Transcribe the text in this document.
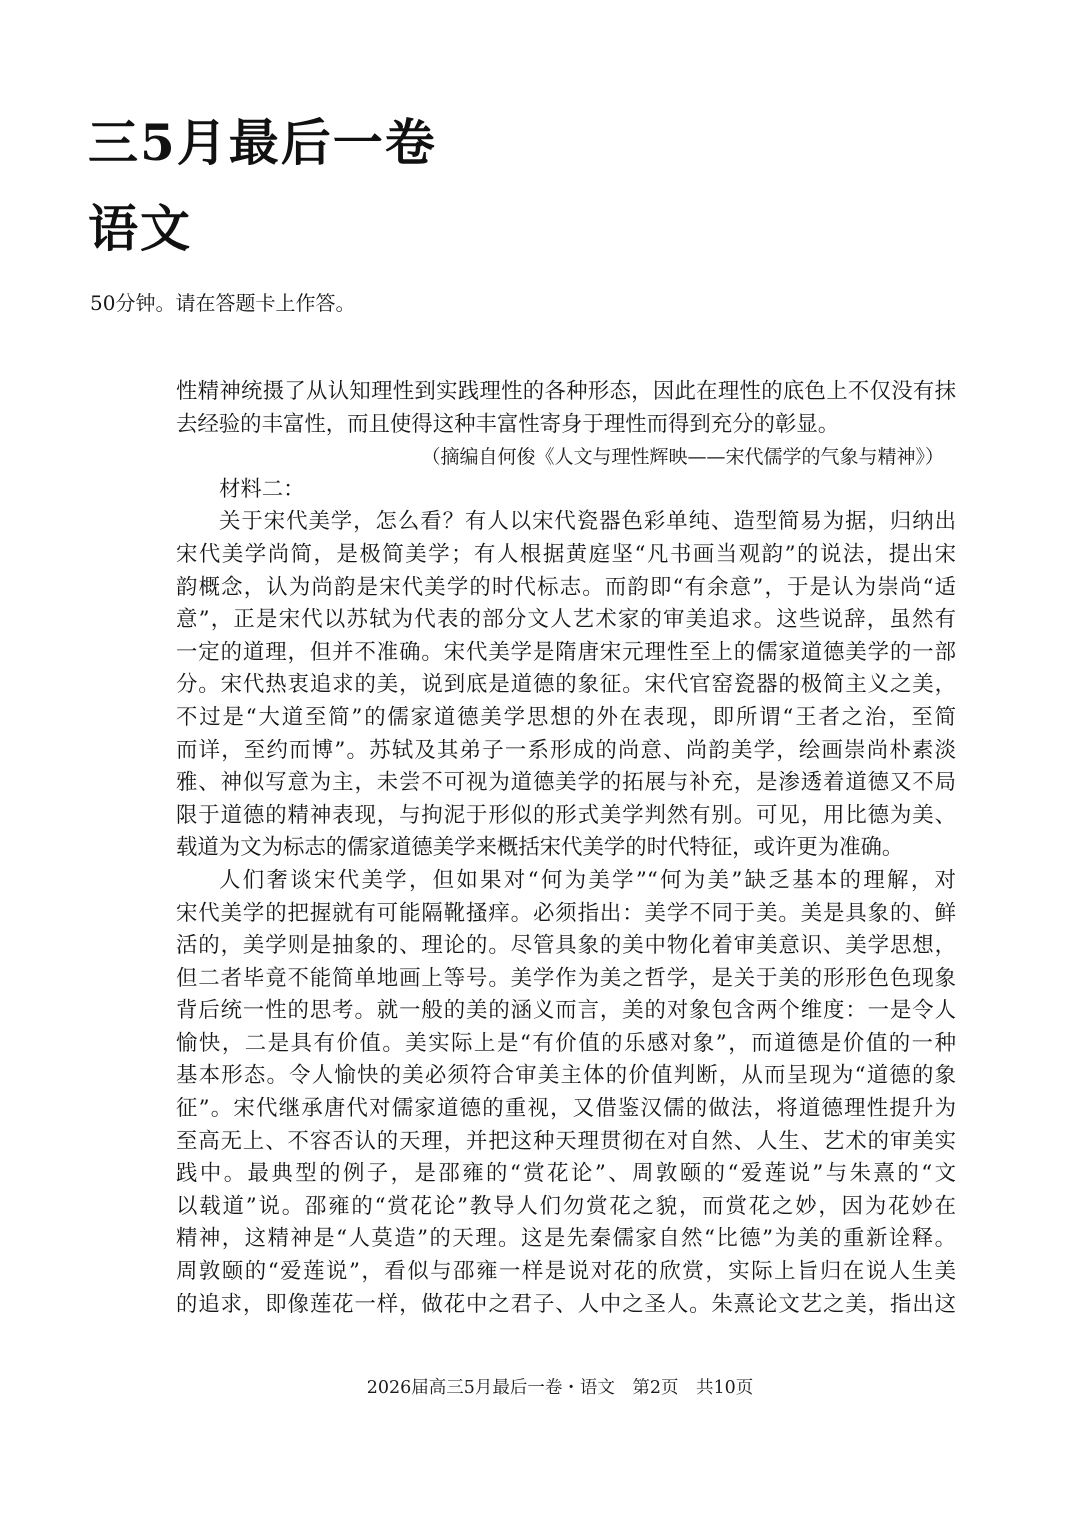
三5月最后一卷
语文
50分钟。请在答题卡上作答。
性精神统摄了从认知理性到实践理性的各种形态，因此在理性的底色上不仅没有抹
去经验的丰富性，而且使得这种丰富性寄身于理性而得到充分的彰显。
（摘编自何俊《人文与理性辉映——宋代儒学的气象与精神》）
材料二：
关于宋代美学，怎么看？有人以宋代瓷器色彩单纯、造型简易为据，归纳出
宋代美学尚简，是极简美学；有人根据黄庭坚“凡书画当观韵”的说法，提出宋
韵概念，认为尚韵是宋代美学的时代标志。而韵即“有余意”，于是认为崇尚“适
意”，正是宋代以苏轼为代表的部分文人艺术家的审美追求。这些说辞，虽然有
一定的道理，但并不准确。宋代美学是隋唐宋元理性至上的儒家道德美学的一部
分。宋代热衷追求的美，说到底是道德的象征。宋代官窑瓷器的极简主义之美，
不过是“大道至简”的儒家道德美学思想的外在表现，即所谓“王者之治，至简
而详，至约而博”。苏轼及其弟子一系形成的尚意、尚韵美学，绘画崇尚朴素淡
雅、神似写意为主，未尝不可视为道德美学的拓展与补充，是渗透着道德又不局
限于道德的精神表现，与拘泥于形似的形式美学判然有别。可见，用比德为美、
载道为文为标志的儒家道德美学来概括宋代美学的时代特征，或许更为准确。
人们奢谈宋代美学，但如果对“何为美学”“何为美”缺乏基本的理解，对
宋代美学的把握就有可能隔靴搔痒。必须指出：美学不同于美。美是具象的、鲜
活的，美学则是抽象的、理论的。尽管具象的美中物化着审美意识、美学思想，
但二者毕竟不能简单地画上等号。美学作为美之哲学，是关于美的形形色色现象
背后统一性的思考。就一般的美的涵义而言，美的对象包含两个维度：一是令人
愉快，二是具有价值。美实际上是“有价值的乐感对象”，而道德是价值的一种
基本形态。令人愉快的美必须符合审美主体的价值判断，从而呈现为“道德的象
征”。宋代继承唐代对儒家道德的重视，又借鉴汉儒的做法，将道德理性提升为
至高无上、不容否认的天理，并把这种天理贯彻在对自然、人生、艺术的审美实
践中。最典型的例子，是邵雍的“赏花论”、周敦颐的“爱莲说”与朱熹的“文
以载道”说。邵雍的“赏花论”教导人们勿赏花之貌，而赏花之妙，因为花妙在
精神，这精神是“人莫造”的天理。这是先秦儒家自然“比德”为美的重新诠释。
周敦颐的“爱莲说”，看似与邵雍一样是说对花的欣赏，实际上旨归在说人生美
的追求，即像莲花一样，做花中之君子、人中之圣人。朱熹论文艺之美，指出这
2026届高三5月最后一卷・语文　第2页　共10页
